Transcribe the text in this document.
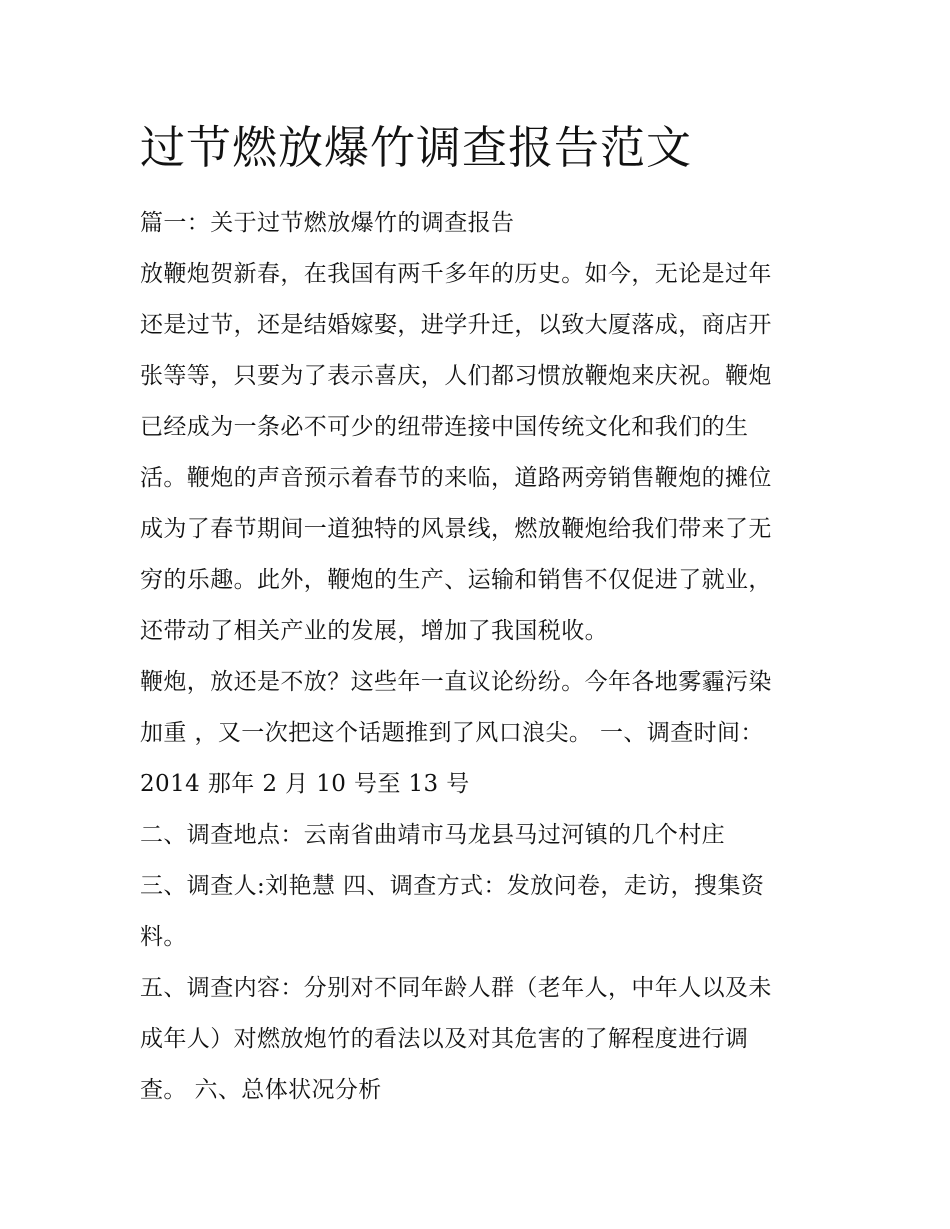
过节燃放爆竹调查报告范文
篇一：关于过节燃放爆竹的调查报告
放鞭炮贺新春，在我国有两千多年的历史。如今，无论是过年
还是过节，还是结婚嫁娶，进学升迁，以致大厦落成，商店开
张等等，只要为了表示喜庆，人们都习惯放鞭炮来庆祝。鞭炮
已经成为一条必不可少的纽带连接中国传统文化和我们的生
活。鞭炮的声音预示着春节的来临，道路两旁销售鞭炮的摊位
成为了春节期间一道独特的风景线，燃放鞭炮给我们带来了无
穷的乐趣。此外，鞭炮的生产、运输和销售不仅促进了就业，
还带动了相关产业的发展，增加了我国税收。
鞭炮，放还是不放？这些年一直议论纷纷。今年各地雾霾污染
加重 ，又一次把这个话题推到了风口浪尖。 一、调查时间：
2014 那年 2 月 10 号至 13 号
二、调查地点：云南省曲靖市马龙县马过河镇的几个村庄
三、调查人:刘艳慧 四、调查方式：发放问卷，走访，搜集资
料。
五、调查内容：分别对不同年龄人群（老年人，中年人以及未
成年人）对燃放炮竹的看法以及对其危害的了解程度进行调
查。 六、总体状况分析
